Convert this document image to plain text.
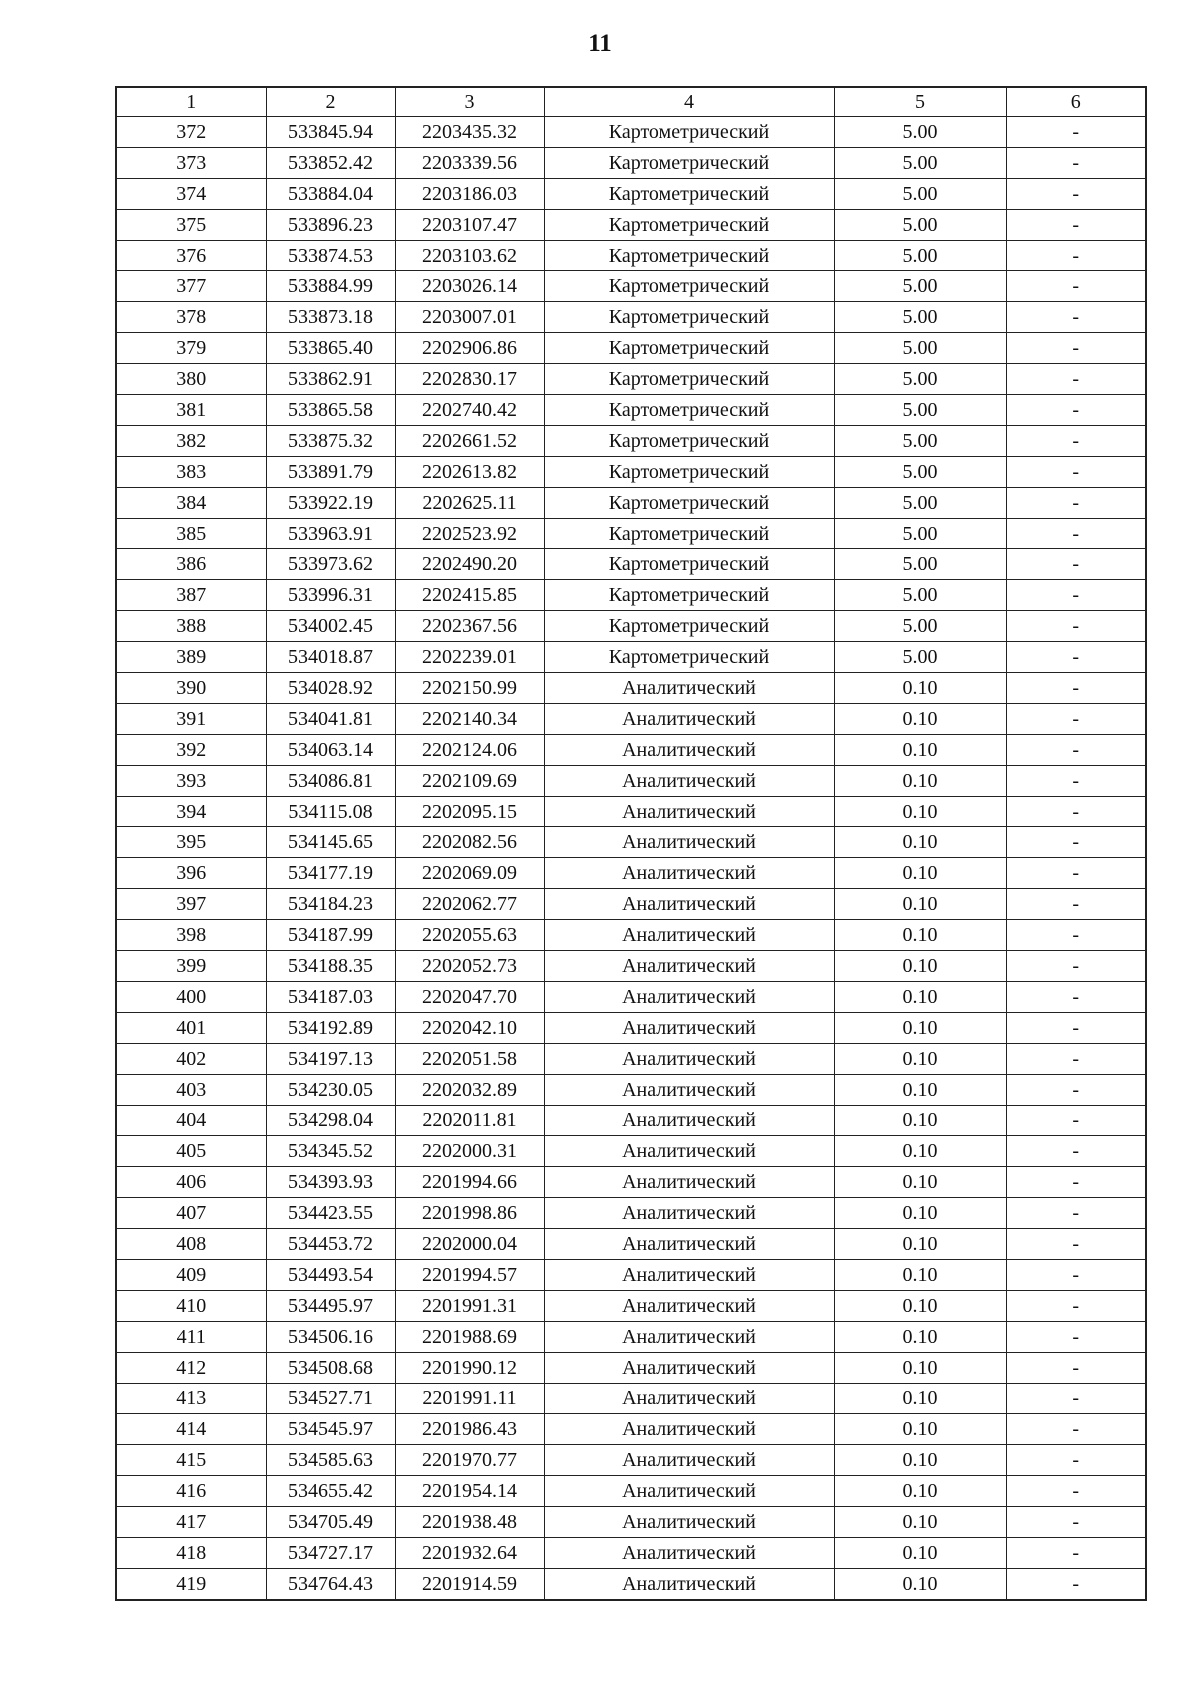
11
1	2	3	4	5	6
372	533845.94	2203435.32	Картометрический	5.00	-
373	533852.42	2203339.56	Картометрический	5.00	-
374	533884.04	2203186.03	Картометрический	5.00	-
375	533896.23	2203107.47	Картометрический	5.00	-
376	533874.53	2203103.62	Картометрический	5.00	-
377	533884.99	2203026.14	Картометрический	5.00	-
378	533873.18	2203007.01	Картометрический	5.00	-
379	533865.40	2202906.86	Картометрический	5.00	-
380	533862.91	2202830.17	Картометрический	5.00	-
381	533865.58	2202740.42	Картометрический	5.00	-
382	533875.32	2202661.52	Картометрический	5.00	-
383	533891.79	2202613.82	Картометрический	5.00	-
384	533922.19	2202625.11	Картометрический	5.00	-
385	533963.91	2202523.92	Картометрический	5.00	-
386	533973.62	2202490.20	Картометрический	5.00	-
387	533996.31	2202415.85	Картометрический	5.00	-
388	534002.45	2202367.56	Картометрический	5.00	-
389	534018.87	2202239.01	Картометрический	5.00	-
390	534028.92	2202150.99	Аналитический	0.10	-
391	534041.81	2202140.34	Аналитический	0.10	-
392	534063.14	2202124.06	Аналитический	0.10	-
393	534086.81	2202109.69	Аналитический	0.10	-
394	534115.08	2202095.15	Аналитический	0.10	-
395	534145.65	2202082.56	Аналитический	0.10	-
396	534177.19	2202069.09	Аналитический	0.10	-
397	534184.23	2202062.77	Аналитический	0.10	-
398	534187.99	2202055.63	Аналитический	0.10	-
399	534188.35	2202052.73	Аналитический	0.10	-
400	534187.03	2202047.70	Аналитический	0.10	-
401	534192.89	2202042.10	Аналитический	0.10	-
402	534197.13	2202051.58	Аналитический	0.10	-
403	534230.05	2202032.89	Аналитический	0.10	-
404	534298.04	2202011.81	Аналитический	0.10	-
405	534345.52	2202000.31	Аналитический	0.10	-
406	534393.93	2201994.66	Аналитический	0.10	-
407	534423.55	2201998.86	Аналитический	0.10	-
408	534453.72	2202000.04	Аналитический	0.10	-
409	534493.54	2201994.57	Аналитический	0.10	-
410	534495.97	2201991.31	Аналитический	0.10	-
411	534506.16	2201988.69	Аналитический	0.10	-
412	534508.68	2201990.12	Аналитический	0.10	-
413	534527.71	2201991.11	Аналитический	0.10	-
414	534545.97	2201986.43	Аналитический	0.10	-
415	534585.63	2201970.77	Аналитический	0.10	-
416	534655.42	2201954.14	Аналитический	0.10	-
417	534705.49	2201938.48	Аналитический	0.10	-
418	534727.17	2201932.64	Аналитический	0.10	-
419	534764.43	2201914.59	Аналитический	0.10	-
